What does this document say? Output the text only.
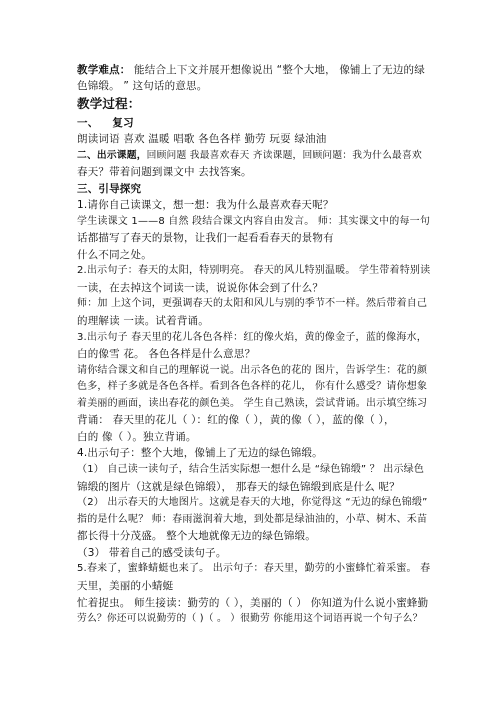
教学难点： 能结合上下文并展开想像说出 “整个大地， 像铺上了无边的绿
色锦缎。 ” 这句话的意思。
教学过程：
一、 复习
朗读词语 喜欢 温暖 唱歌 各色各样 勤劳 玩耍 绿油油
二、出示课题，回顾问题 我最喜欢春天 齐读课题，回顾问题：我为什么最喜欢
春天？带着问题到课文中 去找答案。
三、引导探究
1.请你自己读课文，想一想：我为什么最喜欢春天呢？
学生读课文 1——8 自然 段结合课文内容自由发言。 师：其实课文中的每一句
话都描写了春天的景物，让我们一起看看春天的景物有
什么不同之处。
2.出示句子：春天的太阳，特别明亮。 春天的风儿特别温暖。 学生带着特别读
一读，在去掉这个词读一读，说说你体会到了什么？
师：加 上这个词，更强调春天的太阳和风儿与别的季节不一样。然后带着自己
的理解读 一读。试着背诵。
3.出示句子 春天里的花儿各色各样：红的像火焰，黄的像金子，蓝的像海水，
白的像雪 花。 各色各样是什么意思？
请你结合课文和自己的理解说一说。出示各色的花的 图片，告诉学生：花的颜
色多，样子多就是各色各样。看到各色各样的花儿， 你有什么感受？请你想象
着美丽的画面，读出春花的颜色美。 学生自己熟读，尝试背诵。出示填空练习
背诵： 春天里的花儿（ ）：红的像（ ），黄的像（ ），蓝的像（ ），
白的 像（ ）。独立背诵。
4.出示句子：整个大地，像铺上了无边的绿色锦缎。
（1） 自己读一读句子，结合生活实际想一想什么是 “绿色锦缎” ？ 出示绿色
锦缎的图片（这就是绿色锦缎）， 那春天的绿色锦缎到底是什么 呢？
（2） 出示春天的大地图片。这就是春天的大地，你觉得这 “无边的绿色锦缎”
指的是什么呢？ 师：春雨滋润着大地，到处都是绿油油的，小草、树木、禾苗
都长得十分茂盛。 整个大地就像无边的绿色锦缎。
（3） 带着自己的感受读句子。
5.春来了，蜜蜂蜻蜓也来了。 出示句子：春天里，勤劳的小蜜蜂忙着采蜜。 春
天里，美丽的小蜻蜓
忙着捉虫。 师生接读：勤劳的（ ），美丽的（ ） 你知道为什么说小蜜蜂勤
劳么？你还可以说勤劳的（ )（ 。 ）很勤劳 你能用这个词语再说一个句子么？
